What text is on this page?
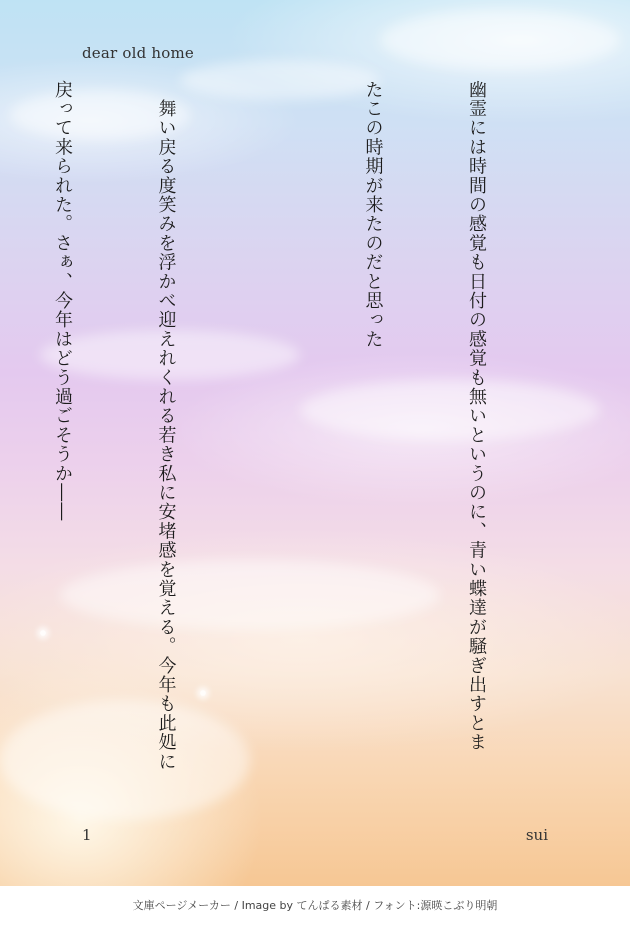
dear old home

幽霊には時間の感覚も日付の感覚も無いというのに、青い蝶達が騒ぎ出すとま

たこの時期が来たのだと思った

　舞い戻る度笑みを浮かべ迎えれくれる若き私に安堵感を覚える。今年も此処に

戻って来られた。さぁ、今年はどう過ごそうか――

1	sui
文庫ページメーカー / Image by てんぱる素材 / フォント:源暎こぶり明朝
